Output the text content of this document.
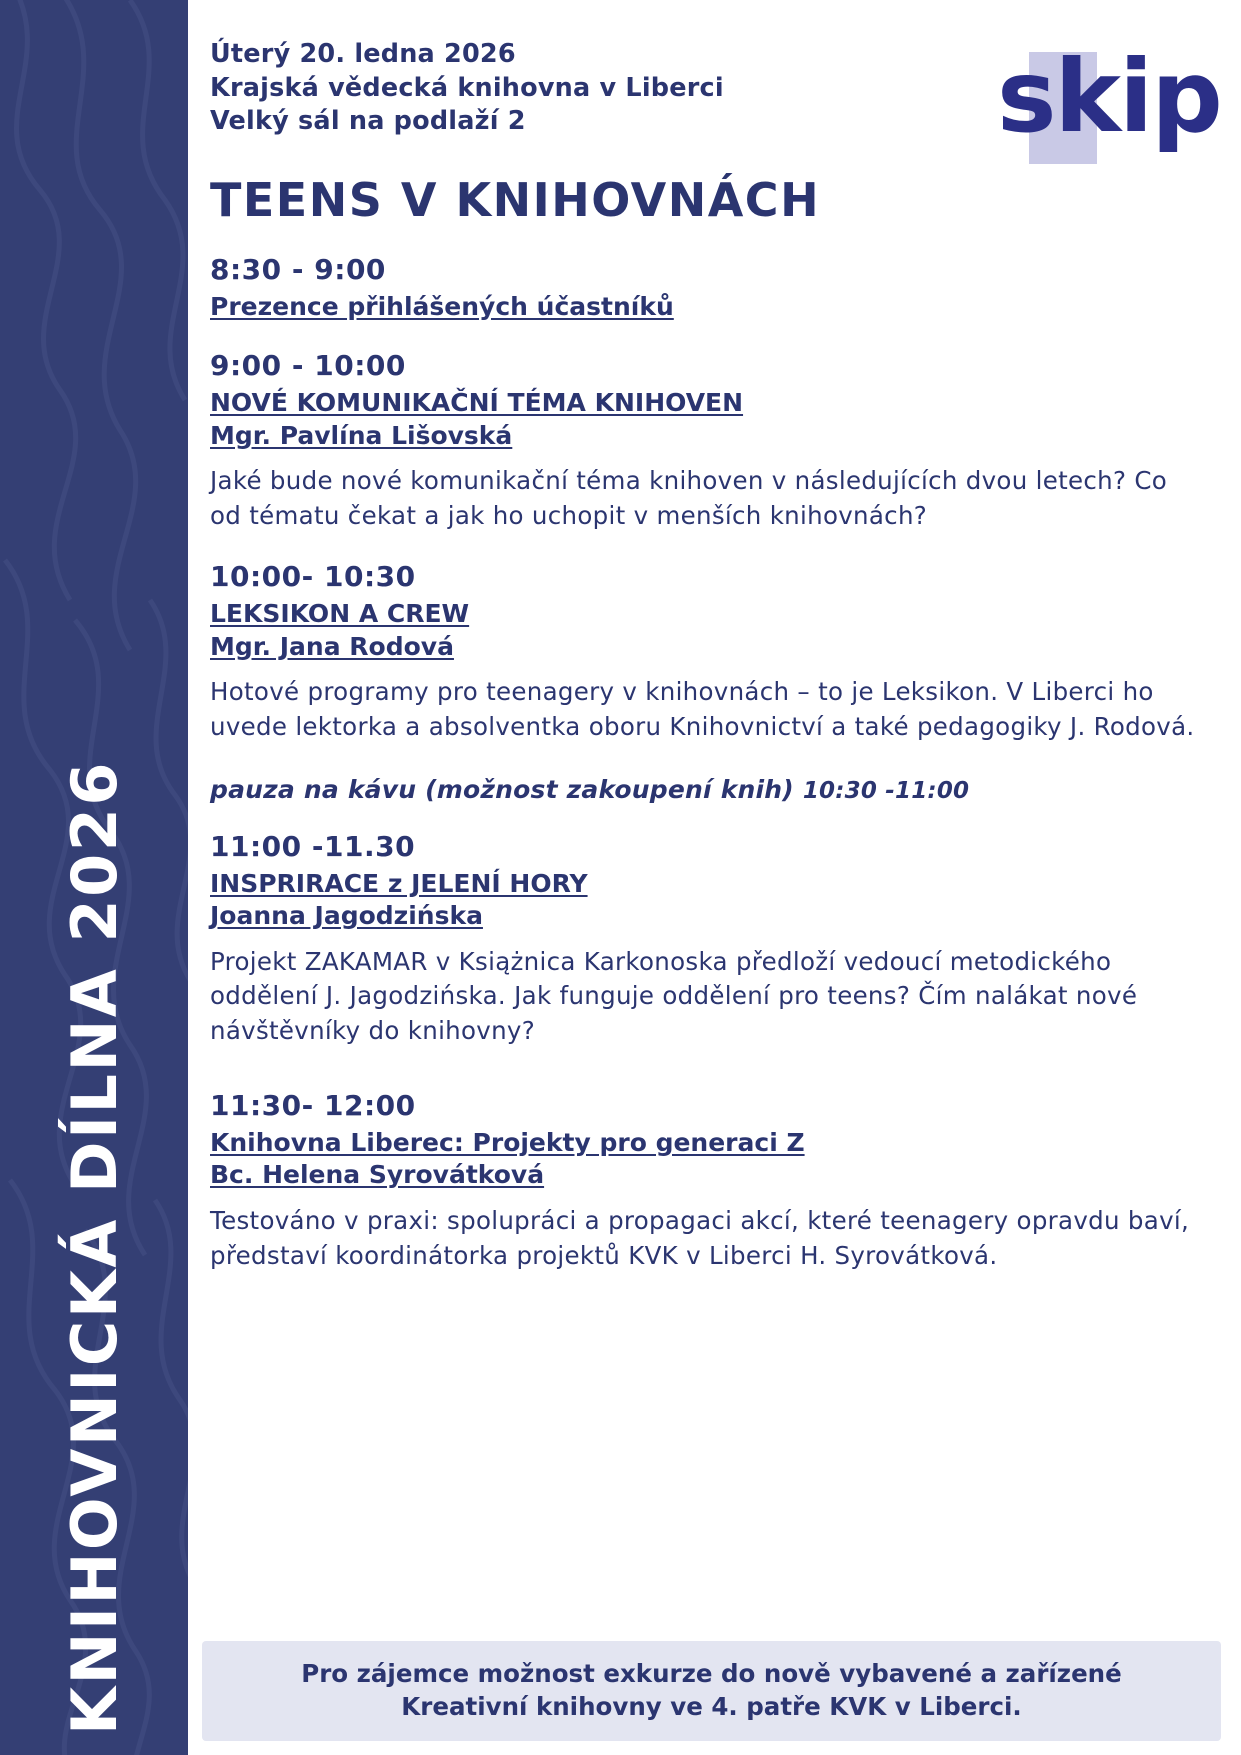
KNIHOVNICKÁ DÍLNA 2026
Úterý 20. ledna 2026
Krajská vědecká knihovna v Liberci
Velký sál na podlaží 2	skip
TEENS V KNIHOVNÁCH
8:30 - 9:00
Prezence přihlášených účastníků
9:00 - 10:00
NOVÉ KOMUNIKAČNÍ TÉMA KNIHOVEN
Mgr. Pavlína Lišovská
Jaké bude nové komunikační téma knihoven v následujících dvou letech? Co od tématu čekat a jak ho uchopit v menších knihovnách?
10:00- 10:30
LEKSIKON A CREW
Mgr. Jana Rodová
Hotové programy pro teenagery v knihovnách – to je Leksikon. V Liberci ho uvede lektorka a absolventka oboru Knihovnictví a také pedagogiky J. Rodová.
pauza na kávu (možnost zakoupení knih) 10:30 -11:00
11:00 -11.30
INSPRIRACE z JELENÍ HORY
Joanna Jagodzińska
Projekt ZAKAMAR v Książnica Karkonoska předloží vedoucí metodického oddělení J. Jagodzińska. Jak funguje oddělení pro teens? Čím nalákat nové návštěvníky do knihovny?
11:30- 12:00
Knihovna Liberec: Projekty pro generaci Z
Bc. Helena Syrovátková
Testováno v praxi: spolupráci a propagaci akcí, které teenagery opravdu baví, představí koordinátorka projektů KVK v Liberci H. Syrovátková.
Pro zájemce možnost exkurze do nově vybavené a zařízené
Kreativní knihovny ve 4. patře KVK v Liberci.
